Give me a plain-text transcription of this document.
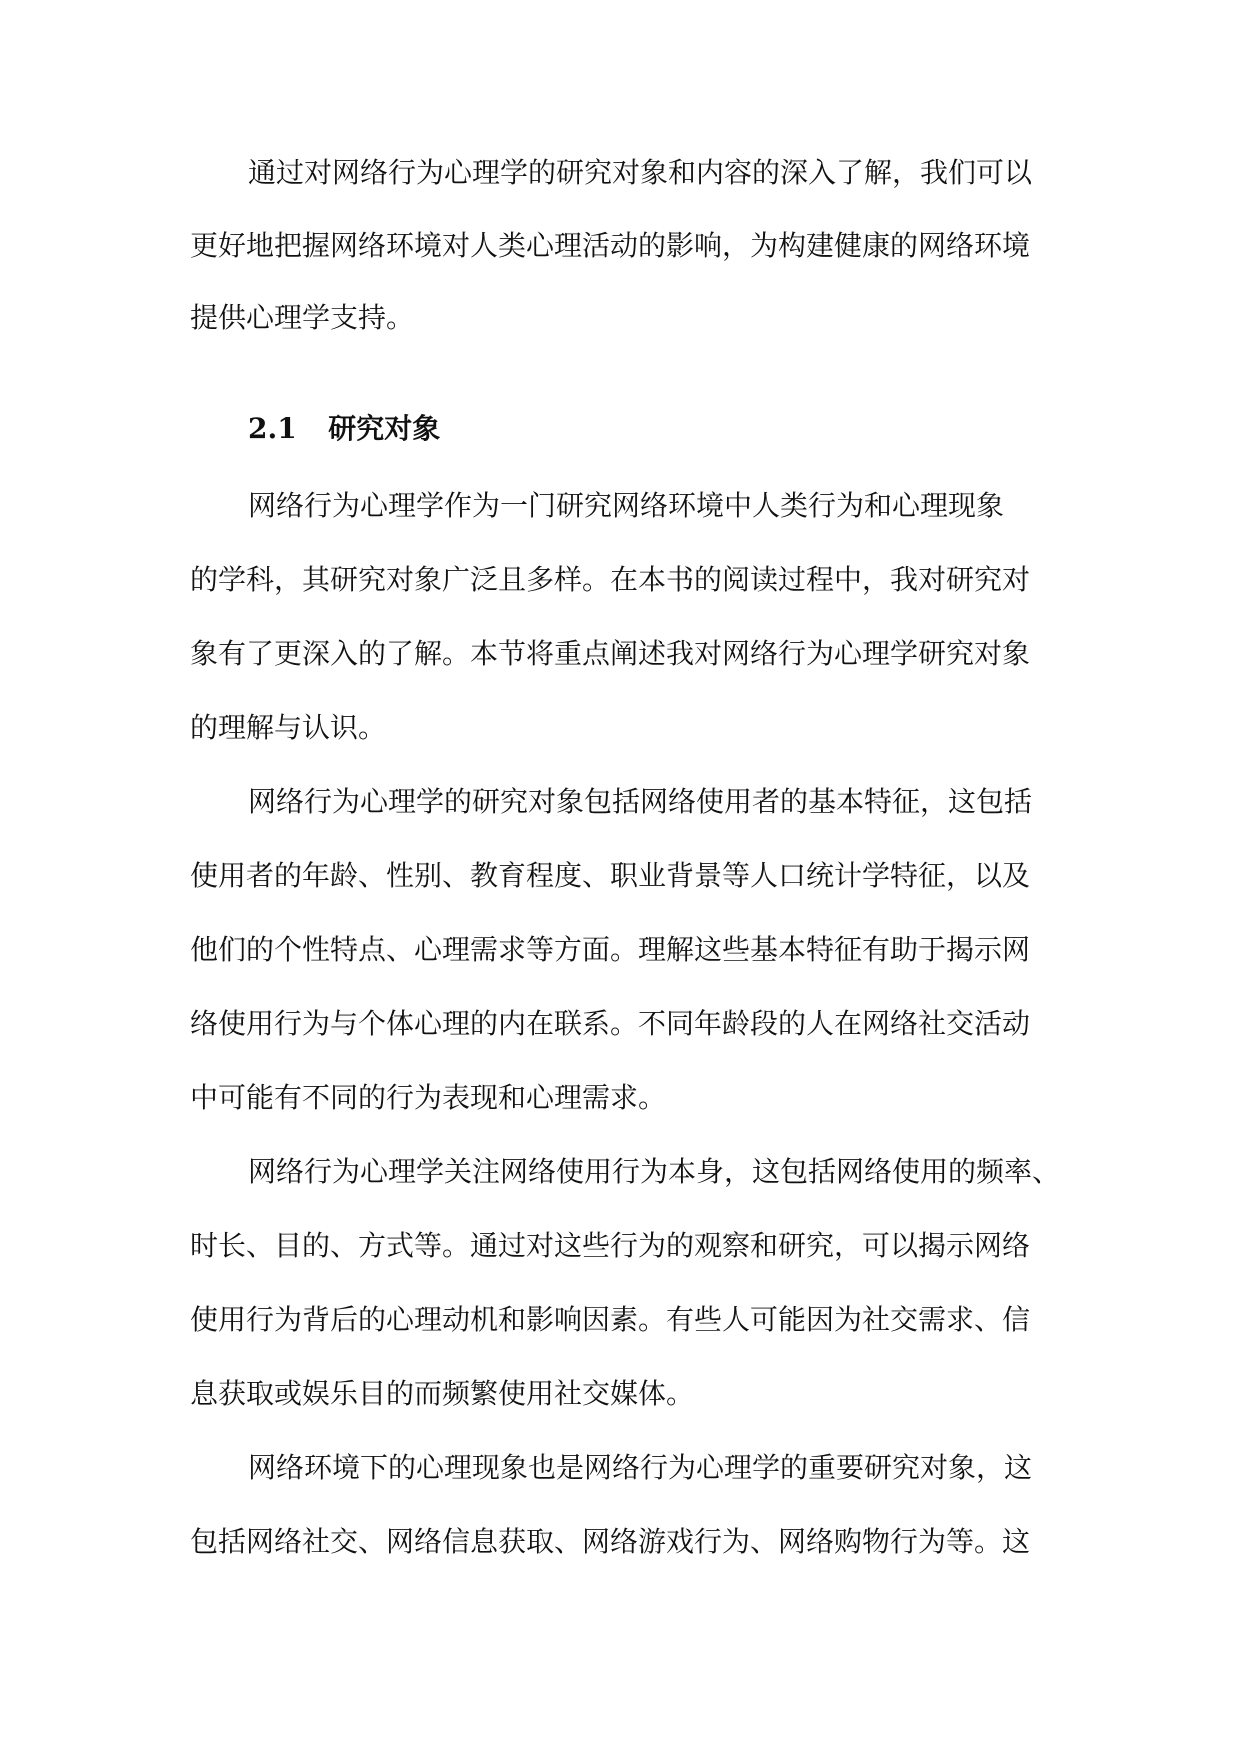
通过对网络行为心理学的研究对象和内容的深入了解，我们可以
更好地把握网络环境对人类心理活动的影响，为构建健康的网络环境
提供心理学支持。
2.1 研究对象
网络行为心理学作为一门研究网络环境中人类行为和心理现象
的学科，其研究对象广泛且多样。在本书的阅读过程中，我对研究对
象有了更深入的了解。本节将重点阐述我对网络行为心理学研究对象
的理解与认识。
网络行为心理学的研究对象包括网络使用者的基本特征，这包括
使用者的年龄、性别、教育程度、职业背景等人口统计学特征，以及
他们的个性特点、心理需求等方面。理解这些基本特征有助于揭示网
络使用行为与个体心理的内在联系。不同年龄段的人在网络社交活动
中可能有不同的行为表现和心理需求。
网络行为心理学关注网络使用行为本身，这包括网络使用的频率、
时长、目的、方式等。通过对这些行为的观察和研究，可以揭示网络
使用行为背后的心理动机和影响因素。有些人可能因为社交需求、信
息获取或娱乐目的而频繁使用社交媒体。
网络环境下的心理现象也是网络行为心理学的重要研究对象，这
包括网络社交、网络信息获取、网络游戏行为、网络购物行为等。这
